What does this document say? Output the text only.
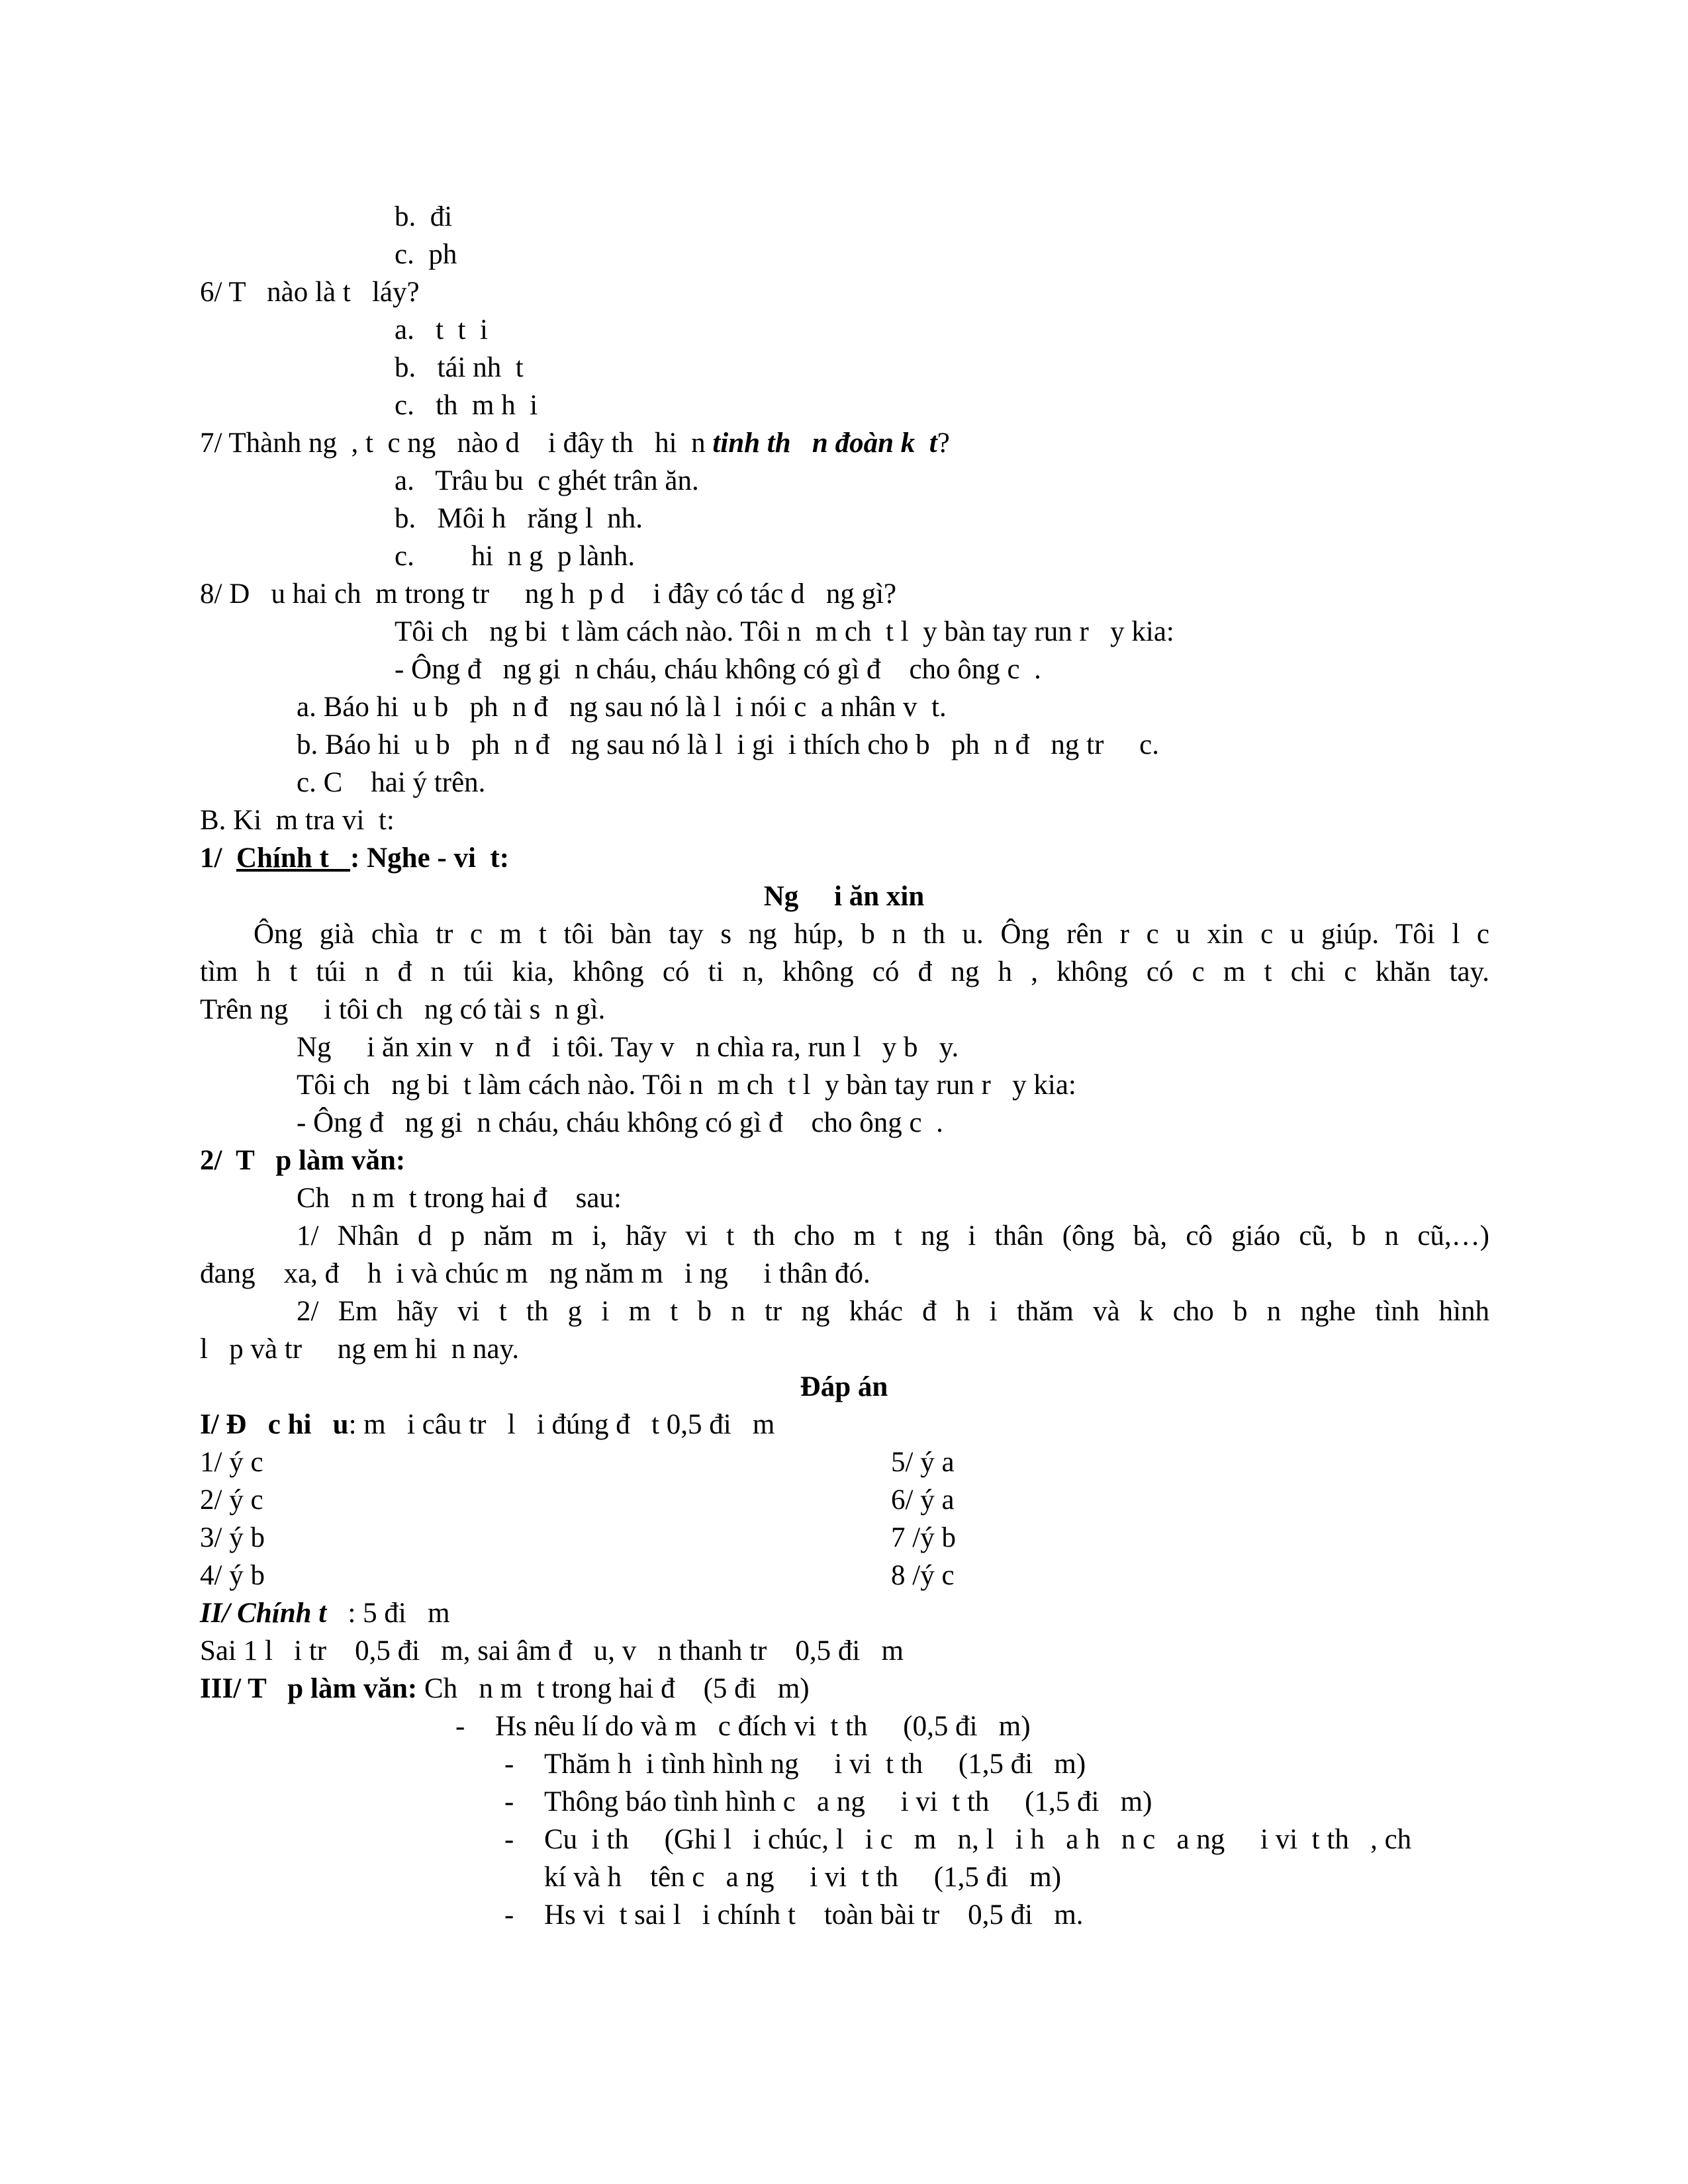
b.  đi
c.  ph
6/ T   nào là t   láy?
a.   t  t  i
b.   tái nh  t
c.   th  m h  i
7/ Thành ng  , t  c ng   nào d    i đây th   hi  n tinh th   n đoàn k  t?
a.   Trâu bu  c ghét trân ăn.
b.   Môi h   răng l  nh.
c.        hi  n g  p lành.
8/ D   u hai ch  m trong tr     ng h  p d    i đây có tác d   ng gì?
Tôi ch   ng bi  t làm cách nào. Tôi n  m ch  t l  y bàn tay run r   y kia:
- Ông đ   ng gi  n cháu, cháu không có gì đ    cho ông c  .
a. Báo hi  u b   ph  n đ   ng sau nó là l  i nói c  a nhân v  t.
b. Báo hi  u b   ph  n đ   ng sau nó là l  i gi  i thích cho b   ph  n đ   ng tr     c.
c. C    hai ý trên.
B. Ki  m tra vi  t:
1/  Chính t   : Nghe - vi  t:
Ng     i ăn xin
Ông già chìa tr c m t tôi bàn tay s ng húp, b n th u. Ông rên r c u xin c u giúp. Tôi l c
tìm h t túi n đ n túi kia, không có ti n, không có đ ng h , không có c m t chi c khăn tay.
Trên ng     i tôi ch   ng có tài s  n gì.
Ng     i ăn xin v   n đ   i tôi. Tay v   n chìa ra, run l   y b   y.
Tôi ch   ng bi  t làm cách nào. Tôi n  m ch  t l  y bàn tay run r   y kia:
- Ông đ   ng gi  n cháu, cháu không có gì đ    cho ông c  .
2/  T   p làm văn:
Ch   n m  t trong hai đ    sau:
1/ Nhân d p năm m i, hãy vi t th cho m t ng i thân (ông bà, cô giáo cũ, b n cũ,…)
đang    xa, đ    h  i và chúc m   ng năm m   i ng     i thân đó.
2/ Em hãy vi t th g i m t b n tr ng khác đ h i thăm và k cho b n nghe tình hình
l   p và tr     ng em hi  n nay.
Đáp án
I/ Đ   c hi   u: m   i câu tr   l   i đúng đ   t 0,5 đi   m
1/ ý c
2/ ý c
3/ ý b
4/ ý b
5/ ý a
6/ ý a
7 /ý b
8 /ý c
II/ Chính t   : 5 đi   m
Sai 1 l   i tr    0,5 đi   m, sai âm đ   u, v   n thanh tr    0,5 đi   m
III/ T   p làm văn: Ch   n m  t trong hai đ    (5 đi   m)
- Hs nêu lí do và m   c đích vi  t th     (0,5 đi   m)
- Thăm h  i tình hình ng     i vi  t th     (1,5 đi   m)
- Thông báo tình hình c   a ng     i vi  t th     (1,5 đi   m)
- Cu  i th     (Ghi l   i chúc, l   i c   m   n, l   i h   a h   n c   a ng     i vi  t th   , ch
kí và h    tên c   a ng     i vi  t th     (1,5 đi   m)
- Hs vi  t sai l   i chính t    toàn bài tr    0,5 đi   m.
